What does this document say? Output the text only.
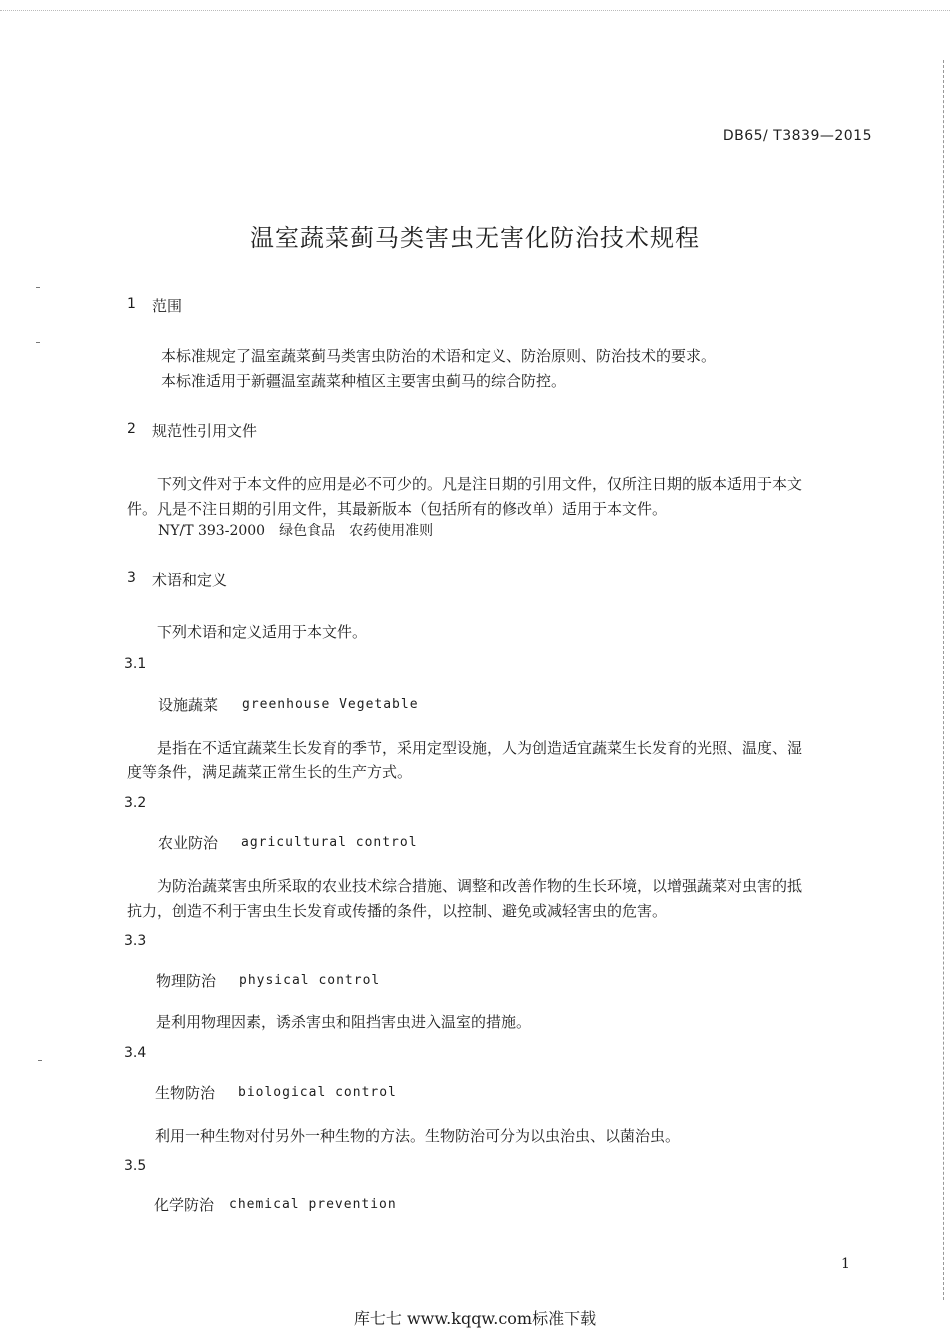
DB65/ T3839—2015
温室蔬菜蓟马类害虫无害化防治技术规程
1 范围
本标准规定了温室蔬菜蓟马类害虫防治的术语和定义、防治原则、防治技术的要求。
本标准适用于新疆温室蔬菜种植区主要害虫蓟马的综合防控。
2 规范性引用文件
下列文件对于本文件的应用是必不可少的。凡是注日期的引用文件，仅所注日期的版本适用于本文
件。凡是不注日期的引用文件，其最新版本（包括所有的修改单）适用于本文件。
NY/T 393-2000　绿色食品　农药使用准则
3 术语和定义
下列术语和定义适用于本文件。
3.1
设施蔬菜 greenhouse Vegetable
是指在不适宜蔬菜生长发育的季节，采用定型设施，人为创造适宜蔬菜生长发育的光照、温度、湿
度等条件，满足蔬菜正常生长的生产方式。
3.2
农业防治 agricultural control
为防治蔬菜害虫所采取的农业技术综合措施、调整和改善作物的生长环境，以增强蔬菜对虫害的抵
抗力，创造不利于害虫生长发育或传播的条件，以控制、避免或减轻害虫的危害。
3.3
物理防治 physical control
是利用物理因素，诱杀害虫和阻挡害虫进入温室的措施。
3.4
生物防治 biological control
利用一种生物对付另外一种生物的方法。生物防治可分为以虫治虫、以菌治虫。
3.5
化学防治 chemical prevention
1
库七七 www.kqqw.com标准下载
